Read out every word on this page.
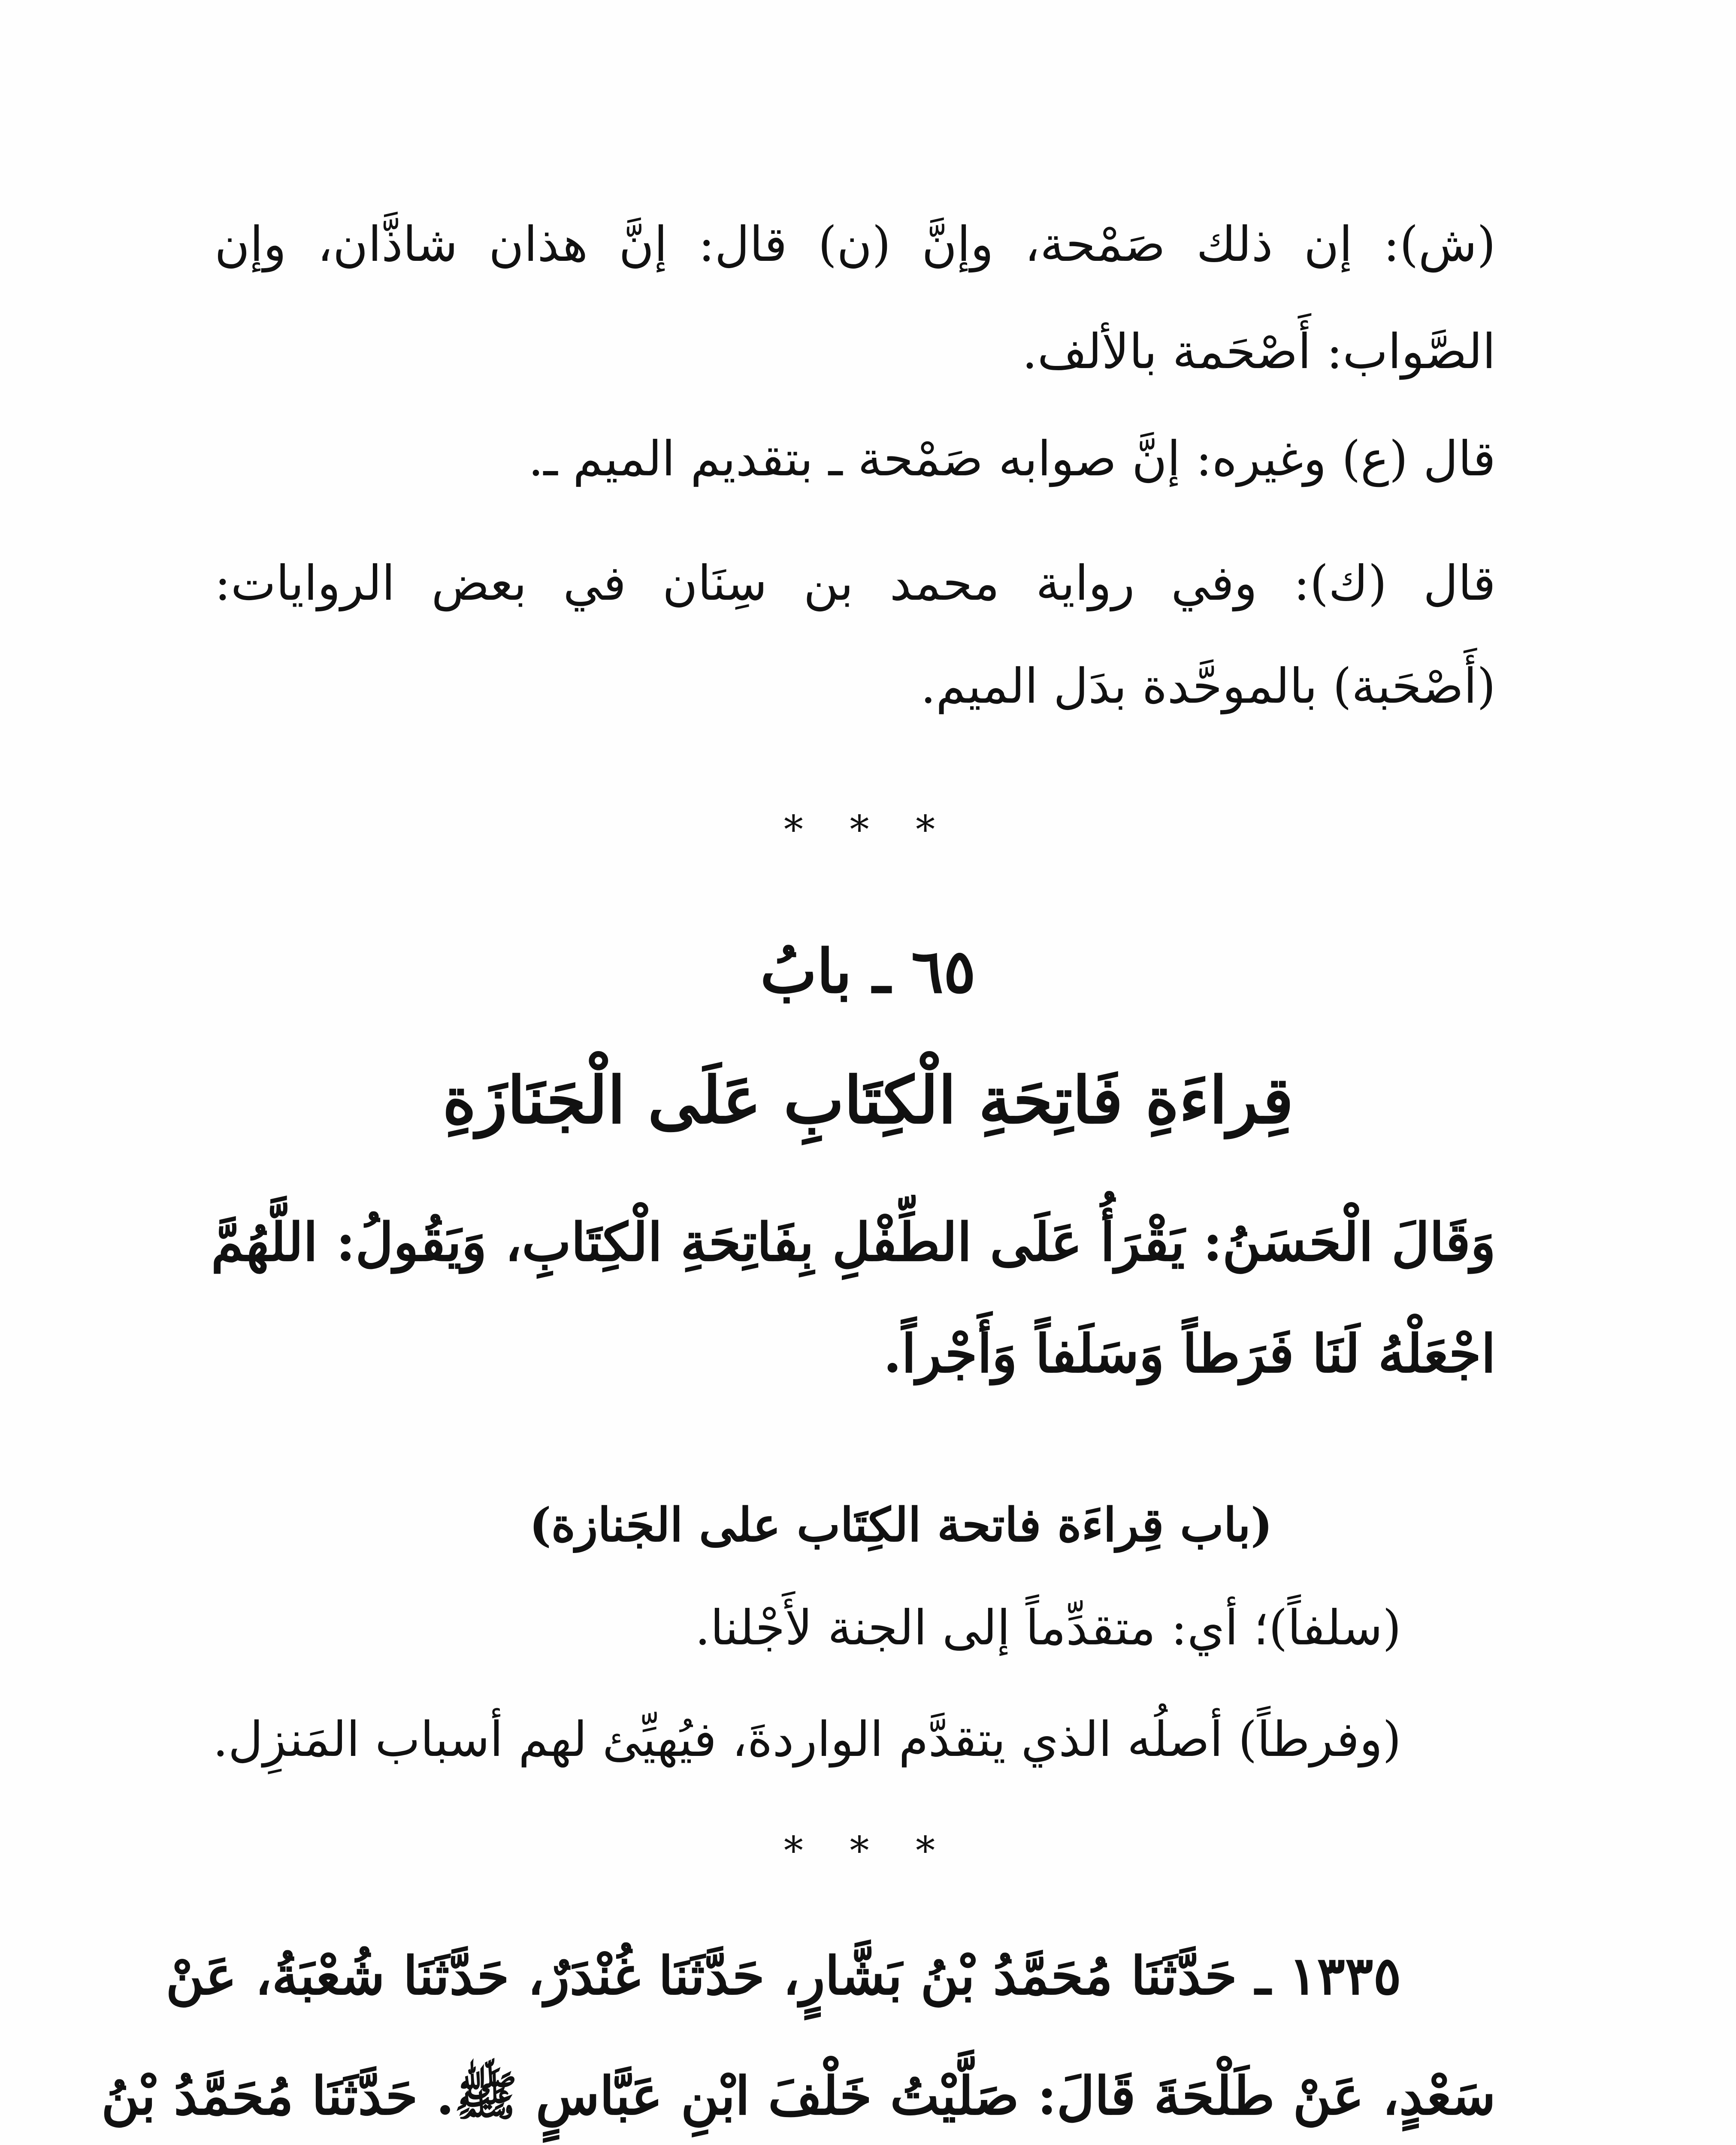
(ش): إن ذلك صَمْحة، وإنَّ (ن) قال: إنَّ هذان شاذَّان، وإن
الصَّواب: أَصْحَمة بالألف.
قال (ع) وغيره: إنَّ صوابه صَمْحة ـ بتقديم الميم ـ.
قال (ك): وفي رواية محمد بن سِنَان في بعض الروايات:
(أَصْحَبة) بالموحَّدة بدَل الميم.
* * *
٦٥ ـ بابُ
قِراءَةِ فَاتِحَةِ الْكِتَابِ عَلَى الْجَنَازَةِ
وَقَالَ الْحَسَنُ: يَقْرَأُ عَلَى الطِّفْلِ بِفَاتِحَةِ الْكِتَابِ، وَيَقُولُ: اللَّهُمَّ
اجْعَلْهُ لَنَا فَرَطاً وَسَلَفاً وَأَجْراً.
(باب قِراءَة فاتحة الكِتَاب على الجَنازة)
(سلفاً)؛ أي: متقدِّماً إلى الجنة لأَجْلنا.
(وفرطاً) أصلُه الذي يتقدَّم الواردةَ، فيُهيِّئ لهم أسباب المَنزِل.
* * *
١٣٣٥ ـ حَدَّثَنَا مُحَمَّدُ بْنُ بَشَّارٍ، حَدَّثَنَا غُنْدَرٌ، حَدَّثَنَا شُعْبَةُ، عَنْ
سَعْدٍ، عَنْ طَلْحَةَ قَالَ: صَلَّيْتُ خَلْفَ ابْنِ عَبَّاسٍ ﷺ. حَدَّثَنَا مُحَمَّدُ بْنُ
